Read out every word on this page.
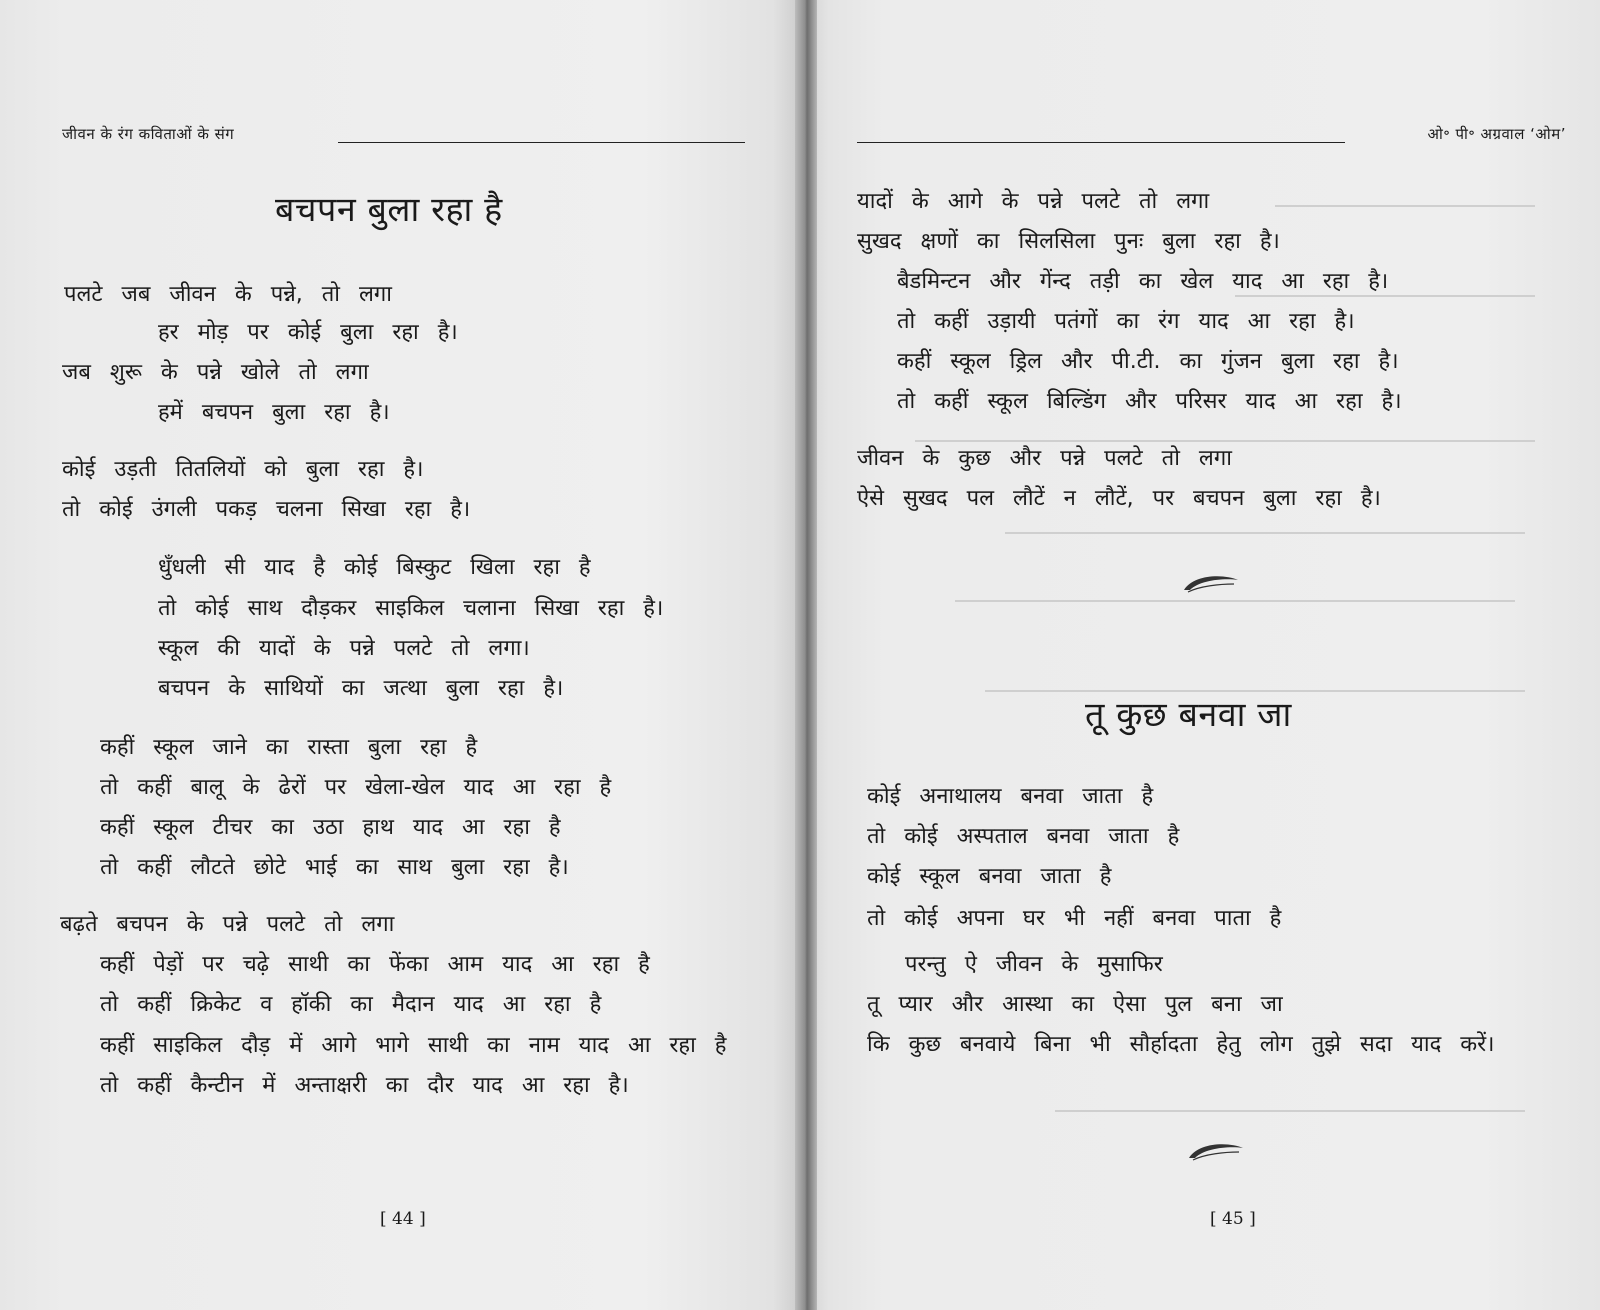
जीवन के रंग कविताओं के संग
बचपन बुला रहा है
पलटे जब जीवन के पन्ने, तो लगा
हर मोड़ पर कोई बुला रहा है।
जब शुरू के पन्ने खोले तो लगा
हमें बचपन बुला रहा है।
कोई उड़ती तितलियों को बुला रहा है।
तो कोई उंगली पकड़ चलना सिखा रहा है।
धुँधली सी याद है कोई बिस्कुट खिला रहा है
तो कोई साथ दौड़कर साइकिल चलाना सिखा रहा है।
स्कूल की यादों के पन्ने पलटे तो लगा।
बचपन के साथियों का जत्था बुला रहा है।
कहीं स्कूल जाने का रास्ता बुला रहा है
तो कहीं बालू के ढेरों पर खेला-खेल याद आ रहा है
कहीं स्कूल टीचर का उठा हाथ याद आ रहा है
तो कहीं लौटते छोटे भाई का साथ बुला रहा है।
बढ़ते बचपन के पन्ने पलटे तो लगा
कहीं पेड़ों पर चढ़े साथी का फेंका आम याद आ रहा है
तो कहीं क्रिकेट व हॉकी का मैदान याद आ रहा है
कहीं साइकिल दौड़ में आगे भागे साथी का नाम याद आ रहा है
तो कहीं कैन्टीन में अन्ताक्षरी का दौर याद आ रहा है।
[ 44 ]
ओ॰ पी॰ अग्रवाल ‘ओम’
यादों के आगे के पन्ने पलटे तो लगा
सुखद क्षणों का सिलसिला पुनः बुला रहा है।
बैडमिन्टन और गेंन्द तड़ी का खेल याद आ रहा है।
तो कहीं उड़ायी पतंगों का रंग याद आ रहा है।
कहीं स्कूल ड्रिल और पी.टी. का गुंजन बुला रहा है।
तो कहीं स्कूल बिल्डिंग और परिसर याद आ रहा है।
जीवन के कुछ और पन्ने पलटे तो लगा
ऐसे सुखद पल लौटें न लौटें, पर बचपन बुला रहा है।
तू कुछ बनवा जा
कोई अनाथालय बनवा जाता है
तो कोई अस्पताल बनवा जाता है
कोई स्कूल बनवा जाता है
तो कोई अपना घर भी नहीं बनवा पाता है
परन्तु ऐ जीवन के मुसाफिर
तू प्यार और आस्था का ऐसा पुल बना जा
कि कुछ बनवाये बिना भी सौर्हादता हेतु लोग तुझे सदा याद करें।
[ 45 ]
